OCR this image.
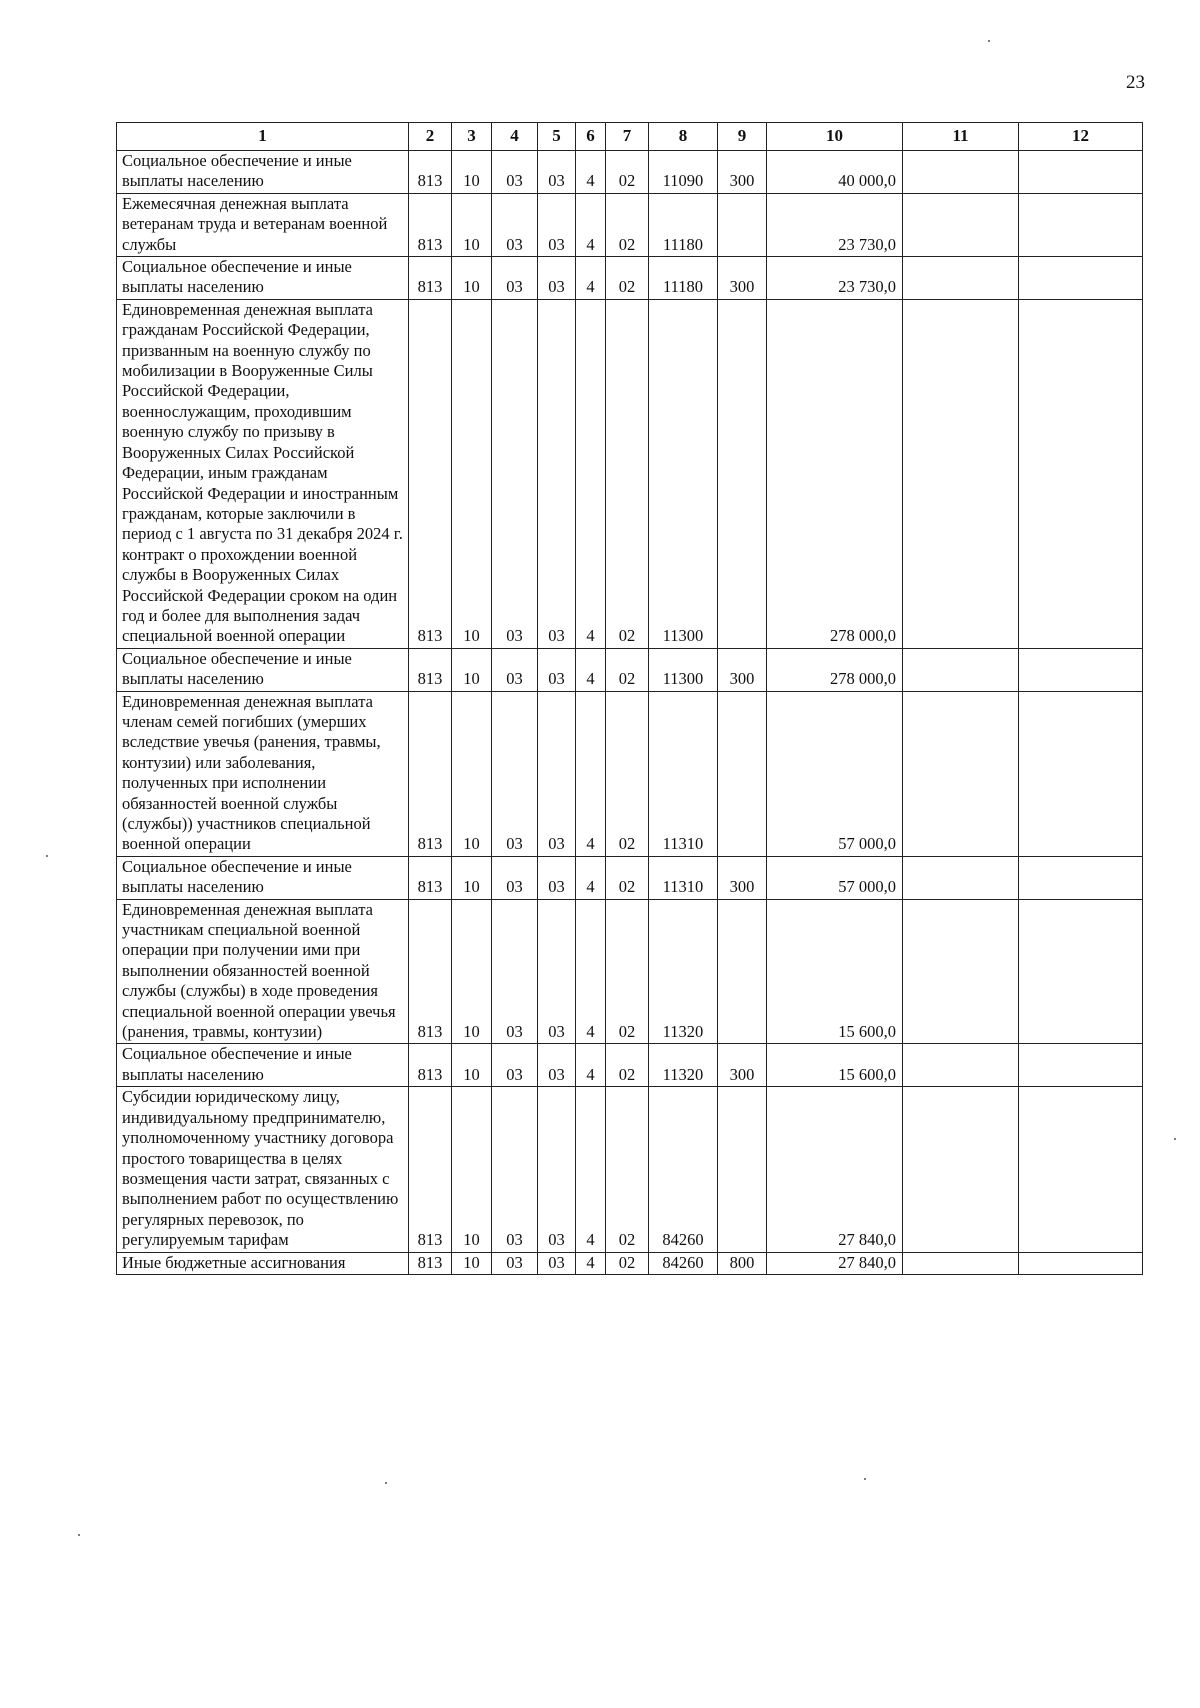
23
1	2	3	4	5	6	7	8	9	10	11	12
Социальное обеспечение и иные выплаты населению	813	10	03	03	4	02	11090	300	40 000,0		
Ежемесячная денежная выплата ветеранам труда и ветеранам военной службы	813	10	03	03	4	02	11180		23 730,0		
Социальное обеспечение и иные выплаты населению	813	10	03	03	4	02	11180	300	23 730,0		
Единовременная денежная выплата гражданам Российской Федерации, призванным на военную службу по мобилизации в Вооруженные Силы Российской Федерации, военнослужащим, проходившим военную службу по призыву в Вооруженных Силах Российской Федерации, иным гражданам Российской Федерации и иностранным гражданам, которые заключили в период с 1 августа по 31 декабря 2024 г. контракт о прохождении военной службы в Вооруженных Силах Российской Федерации сроком на один год и более для выполнения задач специальной военной операции	813	10	03	03	4	02	11300		278 000,0		
Социальное обеспечение и иные выплаты населению	813	10	03	03	4	02	11300	300	278 000,0		
Единовременная денежная выплата членам семей погибших (умерших вследствие увечья (ранения, травмы, контузии) или заболевания, полученных при исполнении обязанностей военной службы (службы)) участников специальной военной операции	813	10	03	03	4	02	11310		57 000,0		
Социальное обеспечение и иные выплаты населению	813	10	03	03	4	02	11310	300	57 000,0		
Единовременная денежная выплата участникам специальной военной операции при получении ими при выполнении обязанностей военной службы (службы) в ходе проведения специальной военной операции увечья (ранения, травмы, контузии)	813	10	03	03	4	02	11320		15 600,0		
Социальное обеспечение и иные выплаты населению	813	10	03	03	4	02	11320	300	15 600,0		
Субсидии юридическому лицу, индивидуальному предпринимателю, уполномоченному участнику договора простого товарищества в целях возмещения части затрат, связанных с выполнением работ по осуществлению регулярных перевозок, по регулируемым тарифам	813	10	03	03	4	02	84260		27 840,0		
Иные бюджетные ассигнования	813	10	03	03	4	02	84260	800	27 840,0		
